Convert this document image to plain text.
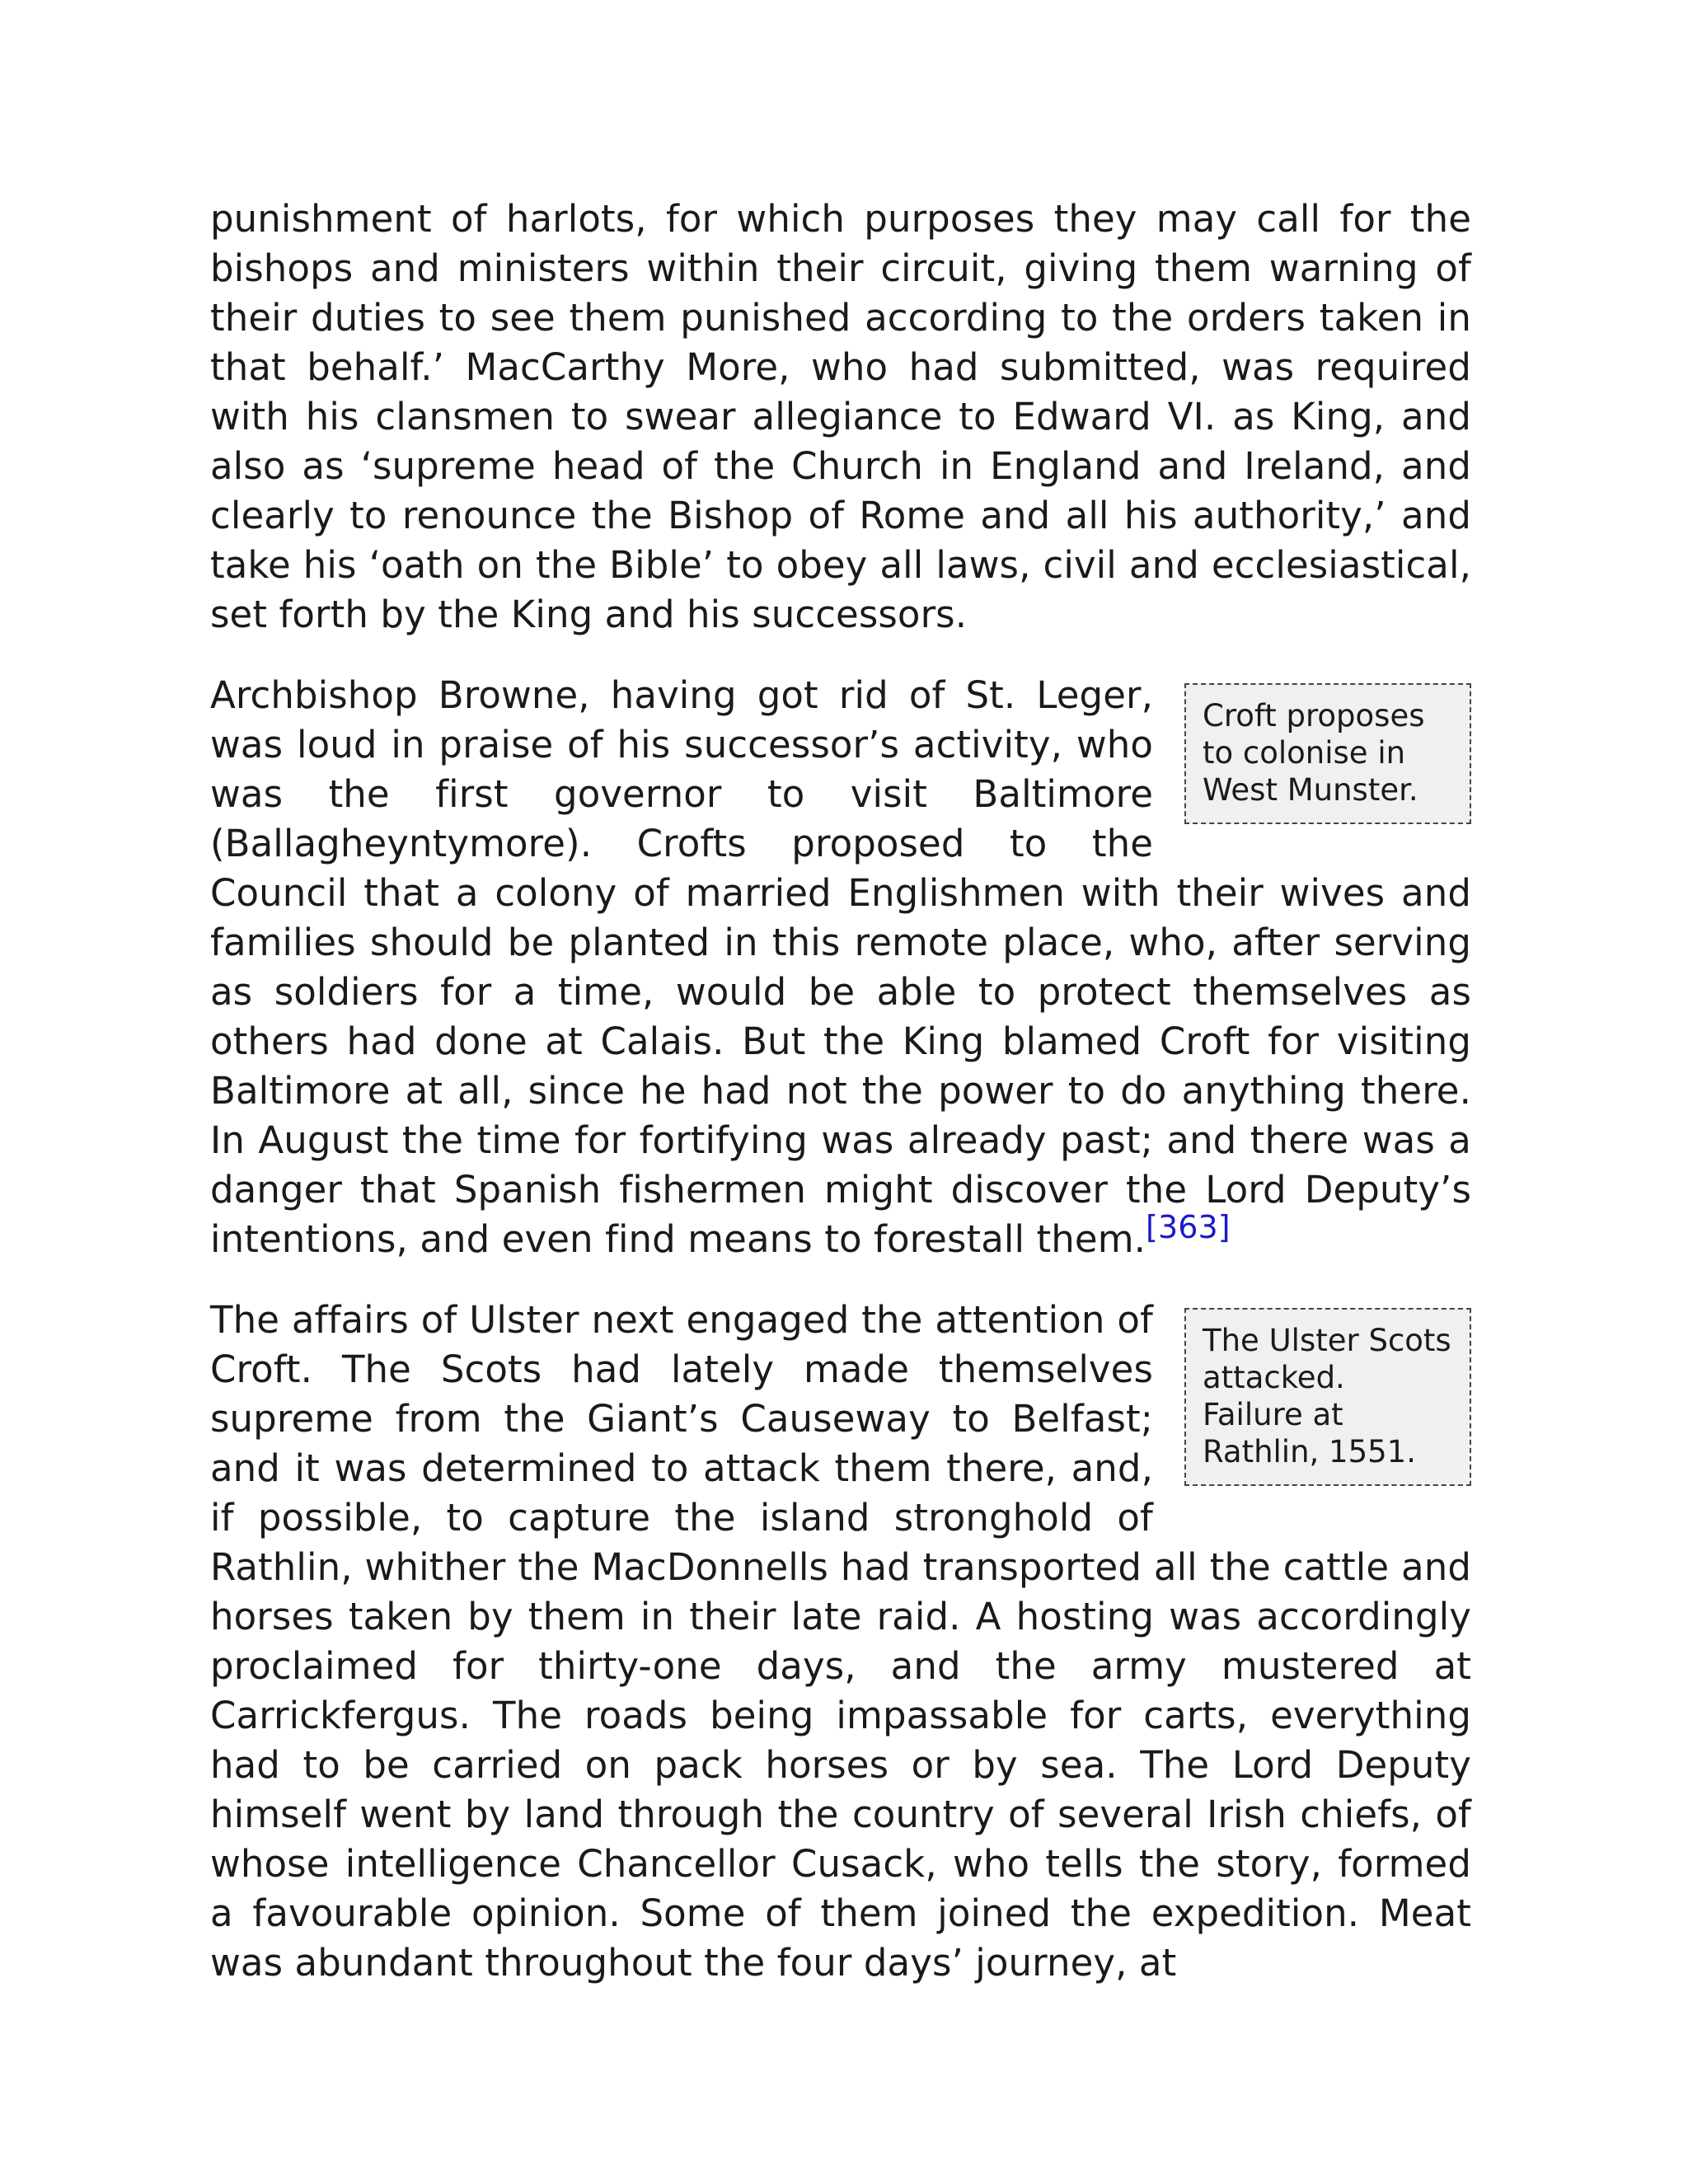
punishment of harlots, for which purposes they may call for the bishops and ministers within their circuit, giving them warning of their duties to see them punished according to the orders taken in that behalf.’ MacCarthy More, who had submitted, was required with his clansmen to swear allegiance to Edward VI. as King, and also as ‘supreme head of the Church in England and Ireland, and clearly to renounce the Bishop of Rome and all his authority,’ and take his ‘oath on the Bible’ to obey all laws, civil and ecclesiastical, set forth by the King and his successors.

Croft proposes to colonise in West Munster.
Archbishop Browne, having got rid of St. Leger, was loud in praise of his successor’s activity, who was the first governor to visit Baltimore (Ballagheyntymore). Crofts proposed to the Council that a colony of married Englishmen with their wives and families should be planted in this remote place, who, after serving as soldiers for a time, would be able to protect themselves as others had done at Calais. But the King blamed Croft for visiting Baltimore at all, since he had not the power to do anything there. In August the time for fortifying was already past; and there was a danger that Spanish fishermen might discover the Lord Deputy’s intentions, and even find means to forestall them.[363]

The Ulster Scots attacked. Failure at Rathlin, 1551.
The affairs of Ulster next engaged the attention of Croft. The Scots had lately made themselves supreme from the Giant’s Causeway to Belfast; and it was determined to attack them there, and, if possible, to capture the island stronghold of Rathlin, whither the MacDonnells had transported all the cattle and horses taken by them in their late raid. A hosting was accordingly proclaimed for thirty-one days, and the army mustered at Carrickfergus. The roads being impassable for carts, everything had to be carried on pack horses or by sea. The Lord Deputy himself went by land through the country of several Irish chiefs, of whose intelligence Chancellor Cusack, who tells the story, formed a favourable opinion. Some of them joined the expedition. Meat was abundant throughout the four days’ journey, at
